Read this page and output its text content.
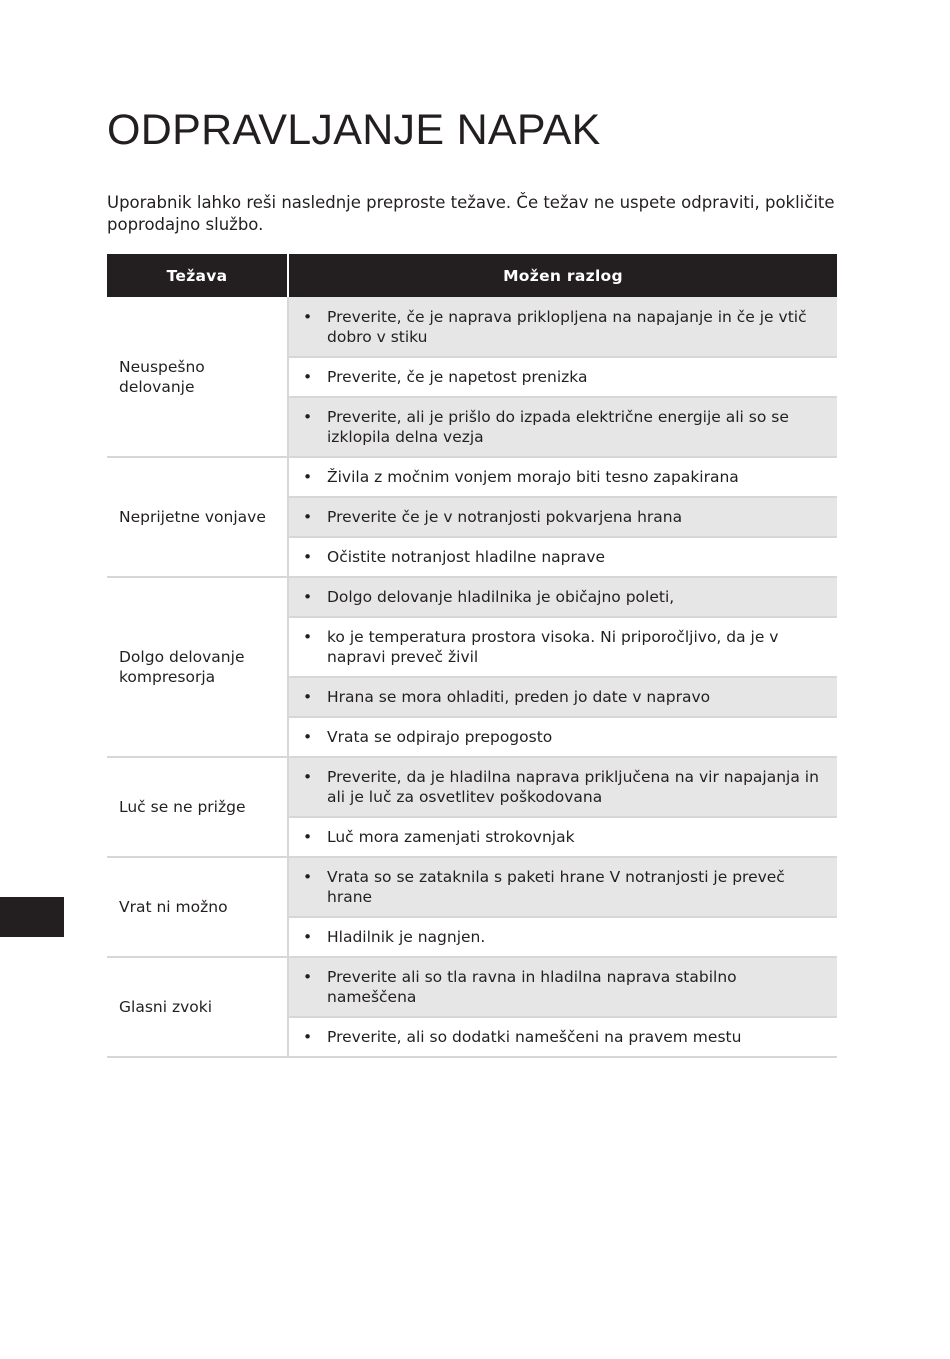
ODPRAVLJANJE NAPAK

Uporabnik lahko reši naslednje preproste težave. Če težav ne uspete odpraviti, pokličite poprodajno službo.

Težava	Možen razlog
Neuspešno delovanje	• Preverite, če je naprava priklopljena na napajanje in če je vtič dobro v stiku

	• Preverite, če je napetost prenizka

	• Preverite, ali je prišlo do izpada električne energije ali so se izklopila delna vezja

Neprijetne vonjave	• Živila z močnim vonjem morajo biti tesno zapakirana

	• Preverite če je v notranjosti pokvarjena hrana

	• Očistite notranjost hladilne naprave

Dolgo delovanje kompresorja	• Dolgo delovanje hladilnika je običajno poleti,

	• ko je temperatura prostora visoka. Ni priporočljivo, da je v napravi preveč živil

	• Hrana se mora ohladiti, preden jo date v napravo

	• Vrata se odpirajo prepogosto

Luč se ne prižge	• Preverite, da je hladilna naprava priključena na vir napajanja in ali je luč za osvetlitev poškodovana

	• Luč mora zamenjati strokovnjak

Vrat ni možno	• Vrata so se zataknila s paketi hrane V notranjosti je preveč hrane

	• Hladilnik je nagnjen.

Glasni zvoki	• Preverite ali so tla ravna in hladilna naprava stabilno nameščena

	• Preverite, ali so dodatki nameščeni na pravem mestu
